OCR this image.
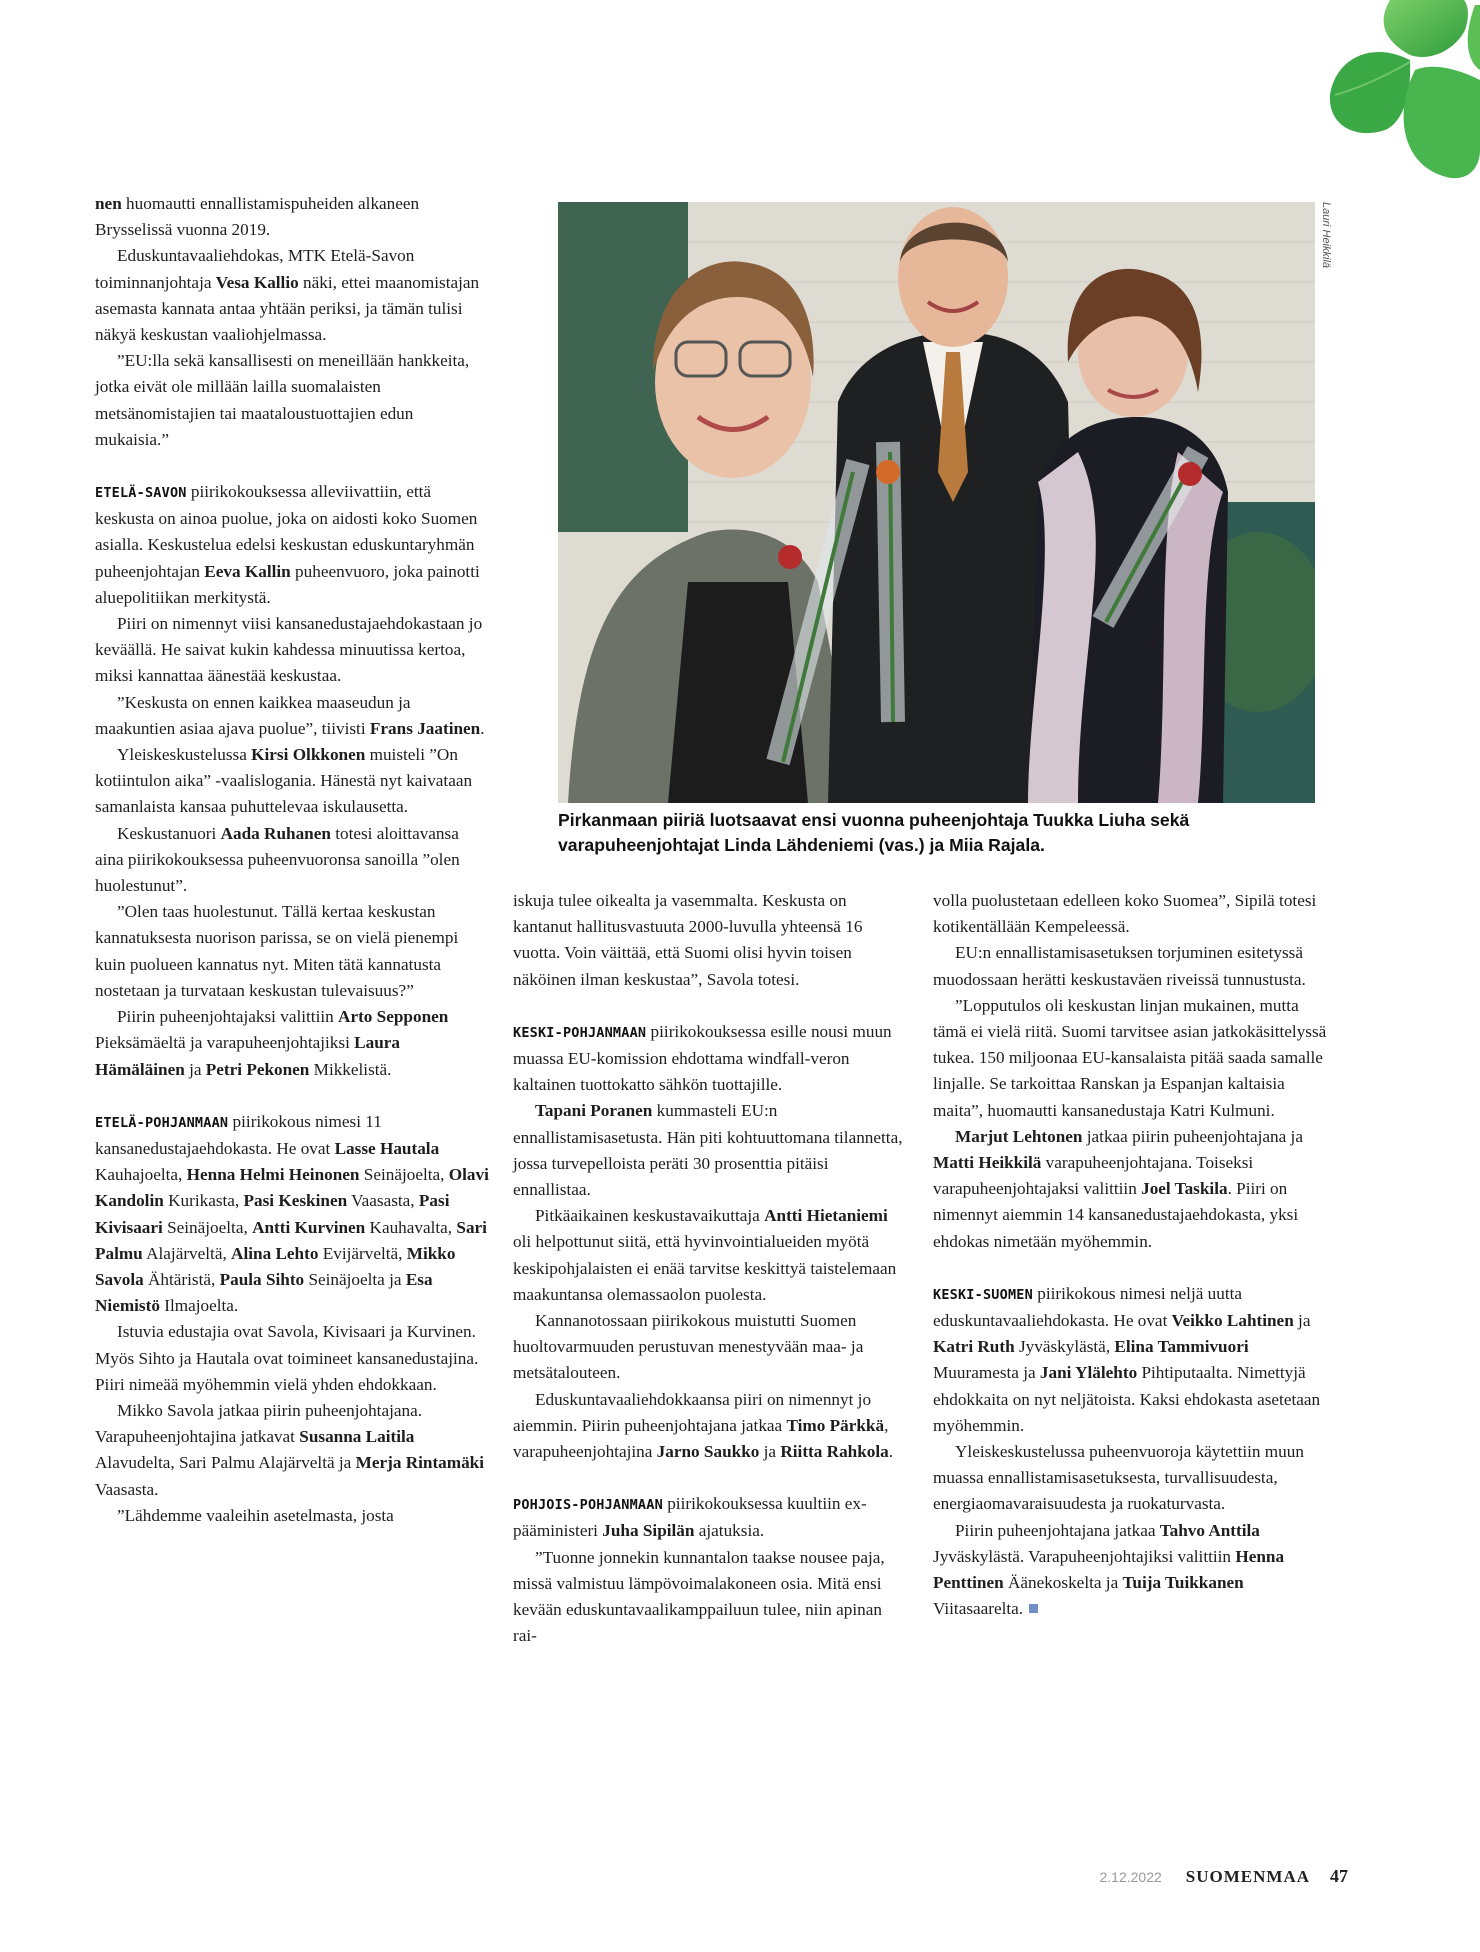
nen huomautti ennallistamispuheiden alkaneen Brysselissä vuonna 2019.

Eduskuntavaaliehdokas, MTK Etelä-Savon toiminnanjohtaja Vesa Kallio näki, ettei maanomistajan asemasta kannata antaa yhtään periksi, ja tämän tulisi näkyä keskustan vaaliohjelmassa.

”EU:lla sekä kansallisesti on meneillään hankkeita, jotka eivät ole millään lailla suomalaisten metsänomistajien tai maataloustuottajien edun mukaisia.”

ETELÄ-SAVON piirikokouksessa alleviivattiin, että keskusta on ainoa puolue, joka on aidosti koko Suomen asialla. Keskustelua edelsi keskustan eduskuntaryhmän puheenjohtajan Eeva Kallin puheenvuoro, joka painotti aluepolitiikan merkitystä.

Piiri on nimennyt viisi kansanedustajaehdokastaan jo keväällä. He saivat kukin kahdessa minuutissa kertoa, miksi kannattaa äänestää keskustaa.

”Keskusta on ennen kaikkea maaseudun ja maakuntien asiaa ajava puolue”, tiivisti Frans Jaatinen.

Yleiskeskustelussa Kirsi Olkkonen muisteli ”On kotiintulon aika” -vaalislogania. Hänestä nyt kaivataan samanlaista kansaa puhuttelevaa iskulausetta.

Keskustanuori Aada Ruhanen totesi aloittavansa aina piirikokouksessa puheenvuoronsa sanoilla ”olen huolestunut”.

”Olen taas huolestunut. Tällä kertaa keskustan kannatuksesta nuorison parissa, se on vielä pienempi kuin puolueen kannatus nyt. Miten tätä kannatusta nostetaan ja turvataan keskustan tulevaisuus?”

Piirin puheenjohtajaksi valittiin Arto Sepponen Pieksämäeltä ja varapuheenjohtajiksi Laura Hämäläinen ja Petri Pekonen Mikkelistä.

ETELÄ-POHJANMAAN piirikokous nimesi 11 kansanedustajaehdokasta. He ovat Lasse Hautala Kauhajoelta, Henna Helmi Heinonen Seinäjoelta, Olavi Kandolin Kurikasta, Pasi Keskinen Vaasasta, Pasi Kivisaari Seinäjoelta, Antti Kurvinen Kauhavalta, Sari Palmu Alajärveltä, Alina Lehto Evijärveltä, Mikko Savola Ähtäristä, Paula Sihto Seinäjoelta ja Esa Niemistö Ilmajoelta.

Istuvia edustajia ovat Savola, Kivisaari ja Kurvinen. Myös Sihto ja Hautala ovat toimineet kansanedustajina. Piiri nimeää myöhemmin vielä yhden ehdokkaan.

Mikko Savola jatkaa piirin puheenjohtajana. Varapuheenjohtajina jatkavat Susanna Laitila Alavudelta, Sari Palmu Alajärveltä ja Merja Rintamäki Vaasasta.

”Lähdemme vaaleihin asetelmasta, josta

Lauri Heikkilä

Pirkanmaan piiriä luotsaavat ensi vuonna puheenjohtaja Tuukka Liuha sekä varapuheenjohtajat Linda Lähdeniemi (vas.) ja Miia Rajala.

iskuja tulee oikealta ja vasemmalta. Keskusta on kantanut hallitusvastuuta 2000-luvulla yhteensä 16 vuotta. Voin väittää, että Suomi olisi hyvin toisen näköinen ilman keskustaa”, Savola totesi.

KESKI-POHJANMAAN piirikokouksessa esille nousi muun muassa EU-komission ehdottama windfall-veron kaltainen tuottokatto sähkön tuottajille.

Tapani Poranen kummasteli EU:n ennallistamisasetusta. Hän piti kohtuuttomana tilannetta, jossa turvepelloista peräti 30 prosenttia pitäisi ennallistaa.

Pitkäaikainen keskustavaikuttaja Antti Hietaniemi oli helpottunut siitä, että hyvinvointialueiden myötä keskipohjalaisten ei enää tarvitse keskittyä taistelemaan maakuntansa olemassaolon puolesta.

Kannanotossaan piirikokous muistutti Suomen huoltovarmuuden perustuvan menestyvään maa- ja metsätalouteen.

Eduskuntavaaliehdokkaansa piiri on nimennyt jo aiemmin. Piirin puheenjohtajana jatkaa Timo Pärkkä, varapuheenjohtajina Jarno Saukko ja Riitta Rahkola.

POHJOIS-POHJANMAAN piirikokouksessa kuultiin ex-pääministeri Juha Sipilän ajatuksia.

”Tuonne jonnekin kunnantalon taakse nousee paja, missä valmistuu lämpövoimalakoneen osia. Mitä ensi kevään eduskuntavaalikamppailuun tulee, niin apinan rai-

volla puolustetaan edelleen koko Suomea”, Sipilä totesi kotikentällään Kempeleessä.

EU:n ennallistamisasetuksen torjuminen esitetyssä muodossaan herätti keskustaväen riveissä tunnustusta.

”Lopputulos oli keskustan linjan mukainen, mutta tämä ei vielä riitä. Suomi tarvitsee asian jatkokäsittelyssä tukea. 150 miljoonaa EU-kansalaista pitää saada samalle linjalle. Se tarkoittaa Ranskan ja Espanjan kaltaisia maita”, huomautti kansanedustaja Katri Kulmuni.

Marjut Lehtonen jatkaa piirin puheenjohtajana ja Matti Heikkilä varapuheenjohtajana. Toiseksi varapuheenjohtajaksi valittiin Joel Taskila. Piiri on nimennyt aiemmin 14 kansanedustajaehdokasta, yksi ehdokas nimetään myöhemmin.

KESKI-SUOMEN piirikokous nimesi neljä uutta eduskuntavaaliehdokasta. He ovat Veikko Lahtinen ja Katri Ruth Jyväskylästä, Elina Tammivuori Muuramesta ja Jani Ylälehto Pihtiputaalta. Nimettyjä ehdokkaita on nyt neljätoista. Kaksi ehdokasta asetetaan myöhemmin.

Yleiskeskustelussa puheenvuoroja käytettiin muun muassa ennallistamisasetuksesta, turvallisuudesta, energiaomavaraisuudesta ja ruokaturvasta.

Piirin puheenjohtajana jatkaa Tahvo Anttila Jyväskylästä. Varapuheenjohtajiksi valittiin Henna Penttinen Äänekoskelta ja Tuija Tuikkanen Viitasaarelta.

2.12.2022 SUOMENMAA 47
